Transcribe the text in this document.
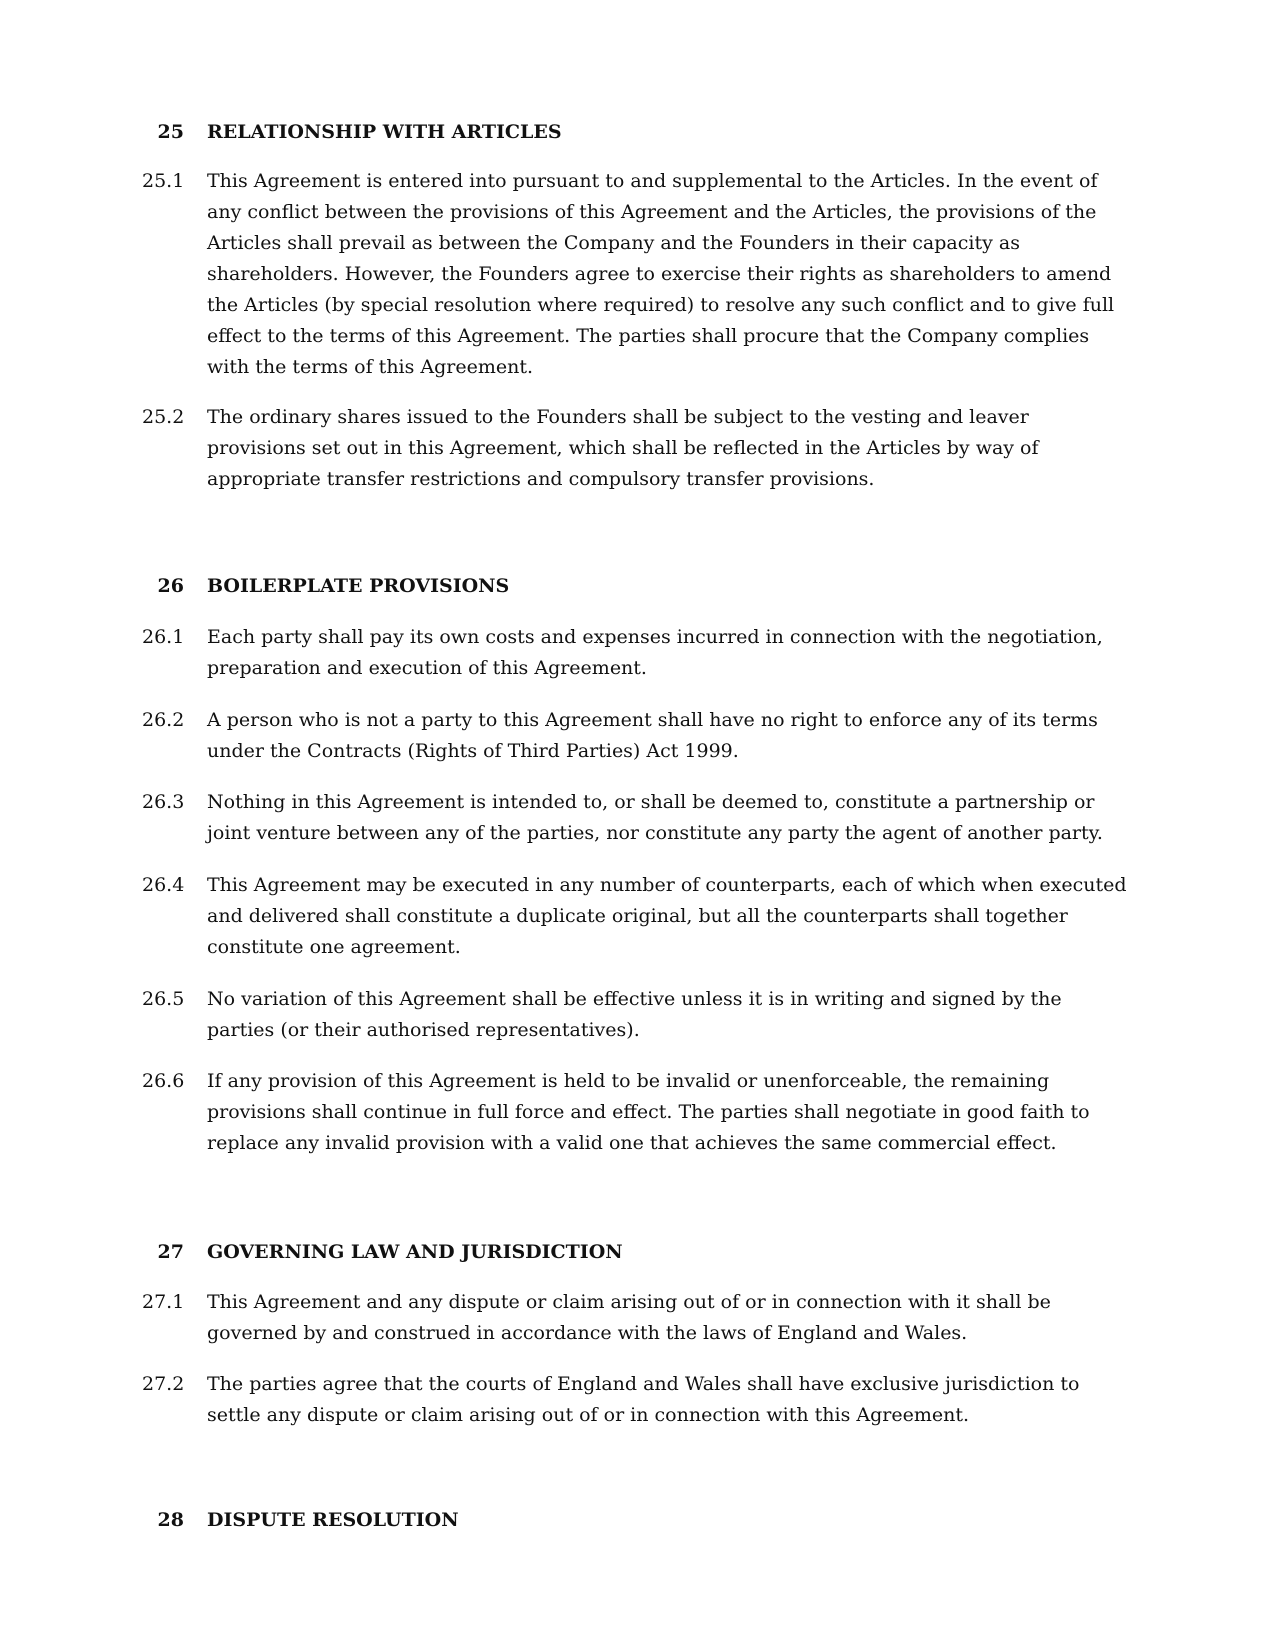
25 RELATIONSHIP WITH ARTICLES
25.1 This Agreement is entered into pursuant to and supplemental to the Articles. In the event of any conflict between the provisions of this Agreement and the Articles, the provisions of the Articles shall prevail as between the Company and the Founders in their capacity as shareholders. However, the Founders agree to exercise their rights as shareholders to amend the Articles (by special resolution where required) to resolve any such conflict and to give full effect to the terms of this Agreement. The parties shall procure that the Company complies with the terms of this Agreement.
25.2 The ordinary shares issued to the Founders shall be subject to the vesting and leaver provisions set out in this Agreement, which shall be reflected in the Articles by way of appropriate transfer restrictions and compulsory transfer provisions.
26 BOILERPLATE PROVISIONS
26.1 Each party shall pay its own costs and expenses incurred in connection with the negotiation, preparation and execution of this Agreement.
26.2 A person who is not a party to this Agreement shall have no right to enforce any of its terms under the Contracts (Rights of Third Parties) Act 1999.
26.3 Nothing in this Agreement is intended to, or shall be deemed to, constitute a partnership or joint venture between any of the parties, nor constitute any party the agent of another party.
26.4 This Agreement may be executed in any number of counterparts, each of which when executed and delivered shall constitute a duplicate original, but all the counterparts shall together constitute one agreement.
26.5 No variation of this Agreement shall be effective unless it is in writing and signed by the parties (or their authorised representatives).
26.6 If any provision of this Agreement is held to be invalid or unenforceable, the remaining provisions shall continue in full force and effect. The parties shall negotiate in good faith to replace any invalid provision with a valid one that achieves the same commercial effect.
27 GOVERNING LAW AND JURISDICTION
27.1 This Agreement and any dispute or claim arising out of or in connection with it shall be governed by and construed in accordance with the laws of England and Wales.
27.2 The parties agree that the courts of England and Wales shall have exclusive jurisdiction to settle any dispute or claim arising out of or in connection with this Agreement.
28 DISPUTE RESOLUTION
